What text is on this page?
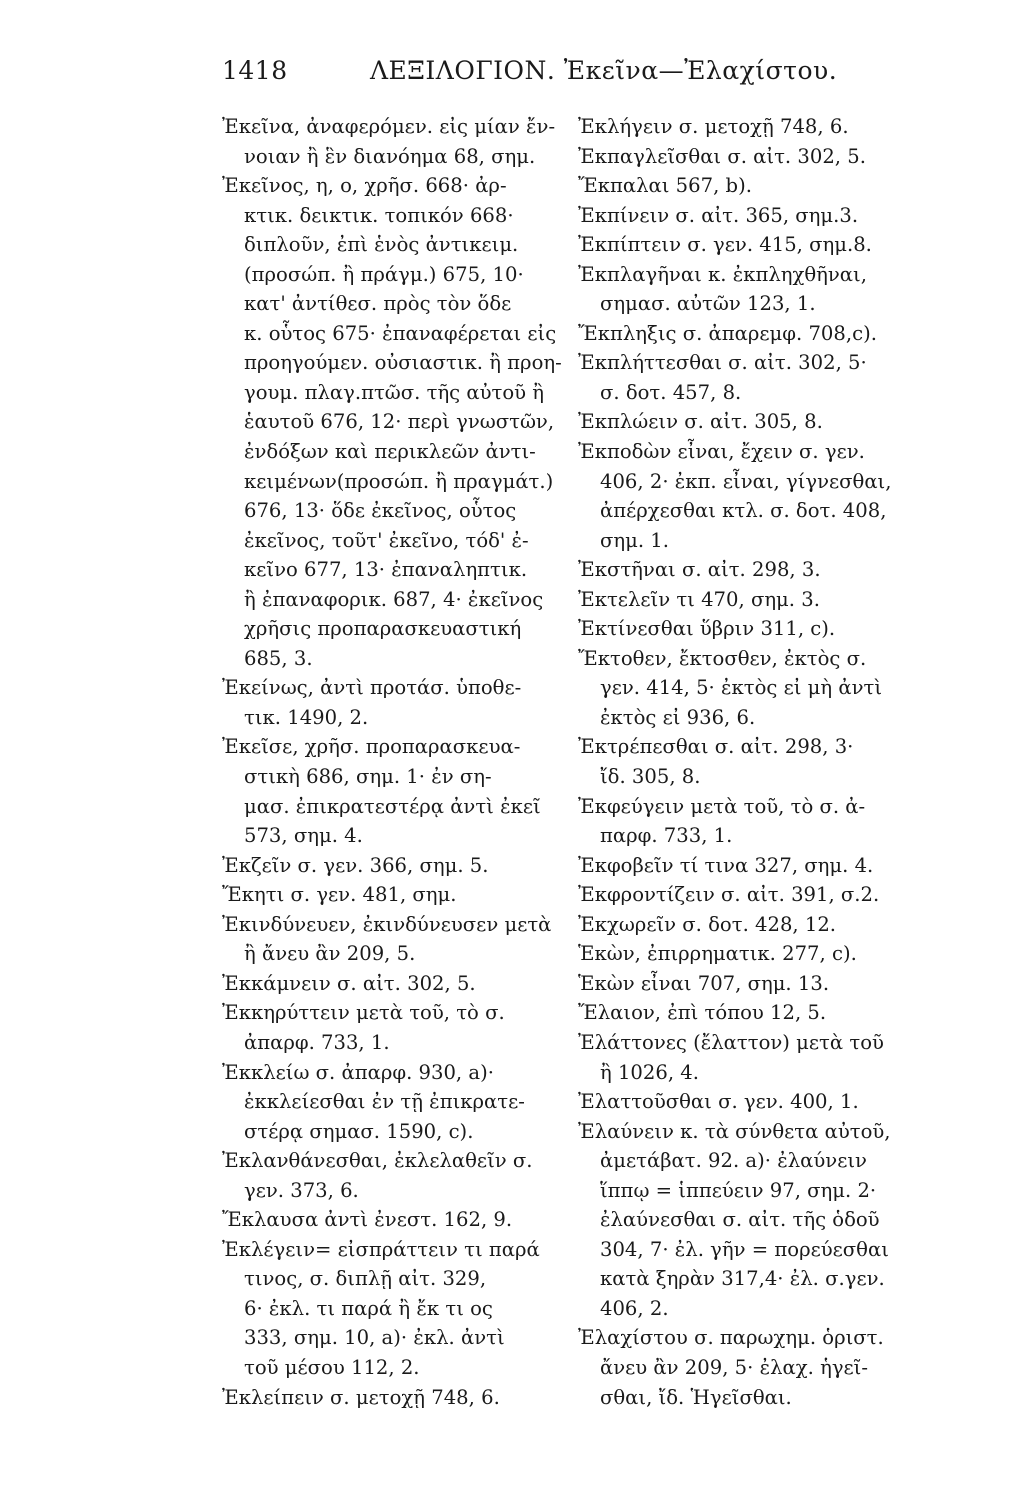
1418	ΛΕΞΙΛΟΓΙΟΝ. Ἐκεῖνα—Ἐλαχίστου.
Ἐκεῖνα, ἀναφερόμεν. εἰς μίαν ἔν-
νοιαν ἢ ἓν διανόημα 68, σημ.
Ἐκεῖνος, η, ο, χρῆσ. 668· ἀρ-
κτικ. δεικτικ. τοπικόν 668·
διπλοῦν, ἐπὶ ἑνὸς ἀντικειμ.
(προσώπ. ἢ πράγμ.) 675, 10·
κατ' ἀντίθεσ. πρὸς τὸν ὅδε
κ. οὗτος 675· ἐπαναφέρεται εἰς
προηγούμεν. οὐσιαστικ. ἢ προη-
γουμ. πλαγ.πτῶσ. τῆς αὐτοῦ ἢ
ἑαυτοῦ 676, 12· περὶ γνωστῶν,
ἐνδόξων καὶ περικλεῶν ἀντι-
κειμένων(προσώπ. ἢ πραγμάτ.)
676, 13· ὅδε ἐκεῖνος, οὗτος
ἐκεῖνος, τοῦτ' ἐκεῖνο, τόδ' ἐ-
κεῖνο 677, 13· ἐπαναληπτικ.
ἢ ἐπαναφορικ. 687, 4· ἐκεῖνος
χρῆσις προπαρασκευαστική
685, 3.
Ἐκείνως, ἀντὶ προτάσ. ὑποθε-
τικ. 1490, 2.
Ἐκεῖσε, χρῆσ. προπαρασκευα-
στικὴ 686, σημ. 1· ἐν ση-
μασ. ἐπικρατεστέρᾳ ἀντὶ ἐκεῖ
573, σημ. 4.
Ἐκζεῖν σ. γεν. 366, σημ. 5.
Ἔκητι σ. γεν. 481, σημ.
Ἐκινδύνευεν, ἐκινδύνευσεν μετὰ
ἢ ἄνευ ἂν 209, 5.
Ἐκκάμνειν σ. αἰτ. 302, 5.
Ἐκκηρύττειν μετὰ τοῦ, τὸ σ.
ἀπαρφ. 733, 1.
Ἐκκλείω σ. ἀπαρφ. 930, a)·
ἐκκλείεσθαι ἐν τῇ ἐπικρατε-
στέρᾳ σημασ. 1590, c).
Ἐκλανθάνεσθαι, ἐκλελαθεῖν σ.
γεν. 373, 6.
Ἔκλαυσα ἀντὶ ἐνεστ. 162, 9.
Ἐκλέγειν= εἰσπράττειν τι παρά
τινος, σ. διπλῇ αἰτ. 329,
6· ἐκλ. τι παρά ἢ ἔκ τι ος
333, σημ. 10, a)· ἐκλ. ἀντὶ
τοῦ μέσου 112, 2.
Ἐκλείπειν σ. μετοχῇ 748, 6.
Ἐκλήγειν σ. μετοχῇ 748, 6.
Ἐκπαγλεῖσθαι σ. αἰτ. 302, 5.
Ἔκπαλαι 567, b).
Ἐκπίνειν σ. αἰτ. 365, σημ.3.
Ἐκπίπτειν σ. γεν. 415, σημ.8.
Ἐκπλαγῆναι κ. ἐκπληχθῆναι,
σημασ. αὐτῶν 123, 1.
Ἔκπληξις σ. ἀπαρεμφ. 708,c).
Ἐκπλήττεσθαι σ. αἰτ. 302, 5·
σ. δοτ. 457, 8.
Ἐκπλώειν σ. αἰτ. 305, 8.
Ἐκποδὼν εἶναι, ἔχειν σ. γεν.
406, 2· ἐκπ. εἶναι, γίγνεσθαι,
ἀπέρχεσθαι κτλ. σ. δοτ. 408,
σημ. 1.
Ἐκστῆναι σ. αἰτ. 298, 3.
Ἐκτελεῖν τι 470, σημ. 3.
Ἐκτίνεσθαι ὕβριν 311, c).
Ἔκτοθεν, ἔκτοσθεν, ἐκτὸς σ.
γεν. 414, 5· ἐκτὸς εἰ μὴ ἀντὶ
ἐκτὸς εἰ 936, 6.
Ἐκτρέπεσθαι σ. αἰτ. 298, 3·
ἴδ. 305, 8.
Ἐκφεύγειν μετὰ τοῦ, τὸ σ. ἀ-
παρφ. 733, 1.
Ἐκφοβεῖν τί τινα 327, σημ. 4.
Ἐκφροντίζειν σ. αἰτ. 391, σ.2.
Ἐκχωρεῖν σ. δοτ. 428, 12.
Ἑκὼν, ἐπιρρηματικ. 277, c).
Ἑκὼν εἶναι 707, σημ. 13.
Ἔλαιον, ἐπὶ τόπου 12, 5.
Ἐλάττονες (ἔλαττον) μετὰ τοῦ
ἢ 1026, 4.
Ἐλαττοῦσθαι σ. γεν. 400, 1.
Ἐλαύνειν κ. τὰ σύνθετα αὐτοῦ,
ἀμετάβατ. 92. a)· ἐλαύνειν
ἵππῳ = ἱππεύειν 97, σημ. 2·
ἐλαύνεσθαι σ. αἰτ. τῆς ὁδοῦ
304, 7· ἐλ. γῆν = πορεύεσθαι
κατὰ ξηρὰν 317,4· ἐλ. σ.γεν.
406, 2.
Ἐλαχίστου σ. παρωχημ. ὁριστ.
ἄνευ ἂν 209, 5· ἐλαχ. ἡγεῖ-
σθαι, ἴδ. Ἡγεῖσθαι.
